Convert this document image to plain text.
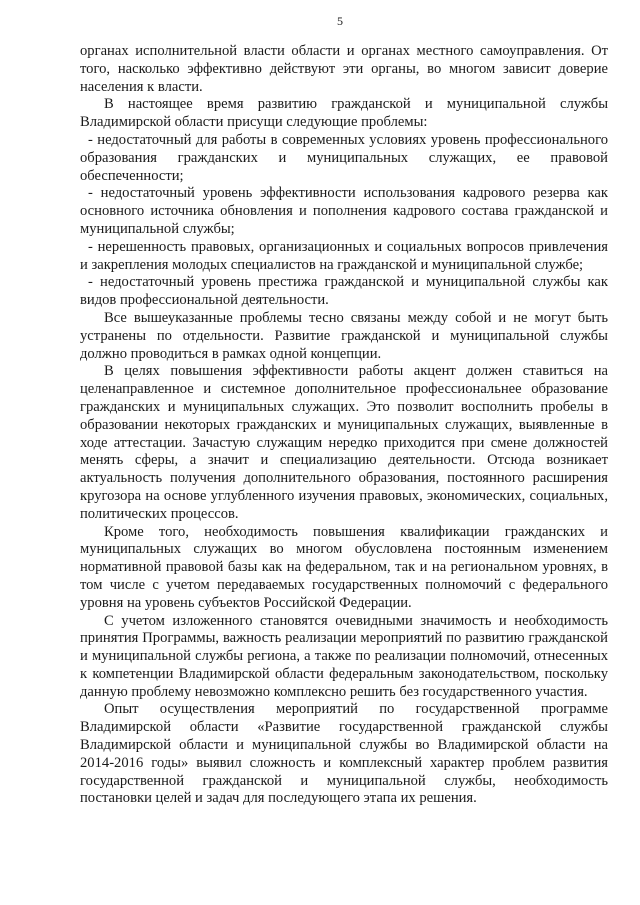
5

органах исполнительной власти области и органах местного самоуправления. От того, насколько эффективно действуют эти органы, во многом зависит доверие населения к власти.

В настоящее время развитию гражданской и муниципальной службы Владимирской области присущи следующие проблемы:

- недостаточный для работы в современных условиях уровень профессионального образования гражданских и муниципальных служащих, ее правовой обеспеченности;

- недостаточный уровень эффективности использования кадрового резерва как основного источника обновления и пополнения кадрового состава гражданской и муниципальной службы;

- нерешенность правовых, организационных и социальных вопросов привлечения и закрепления молодых специалистов на гражданской и муниципальной службе;

- недостаточный уровень престижа гражданской и муниципальной службы как видов профессиональной деятельности.

Все вышеуказанные проблемы тесно связаны между собой и не могут быть устранены по отдельности. Развитие гражданской и муниципальной службы должно проводиться в рамках одной концепции.

В целях повышения эффективности работы акцент должен ставиться на целенаправленное и системное дополнительное профессиональнее образование гражданских и муниципальных служащих. Это позволит восполнить пробелы в образовании некоторых гражданских и муниципальных служащих, выявленные в ходе аттестации. Зачастую служащим нередко приходится при смене должностей менять сферы, а значит и специализацию деятельности. Отсюда возникает актуальность получения дополнительного образования, постоянного расширения кругозора на основе углубленного изучения правовых, экономических, социальных, политических процессов.

Кроме того, необходимость повышения квалификации гражданских и муниципальных служащих во многом обусловлена постоянным изменением нормативной правовой базы как на федеральном, так и на региональном уровнях, в том числе с учетом передаваемых государственных полномочий с федерального уровня на уровень субъектов Российской Федерации.

С учетом изложенного становятся очевидными значимость и необходимость принятия Программы, важность реализации мероприятий по развитию гражданской и муниципальной службы региона, а также по реализации полномочий, отнесенных к компетенции Владимирской области федеральным законодательством, поскольку данную проблему невозможно комплексно решить без государственного участия.

Опыт осуществления мероприятий по государственной программе Владимирской области «Развитие государственной гражданской службы Владимирской области и муниципальной службы во Владимирской области на 2014-2016 годы» выявил сложность и комплексный характер проблем развития государственной гражданской и муниципальной службы, необходимость постановки целей и задач для последующего этапа их решения.
